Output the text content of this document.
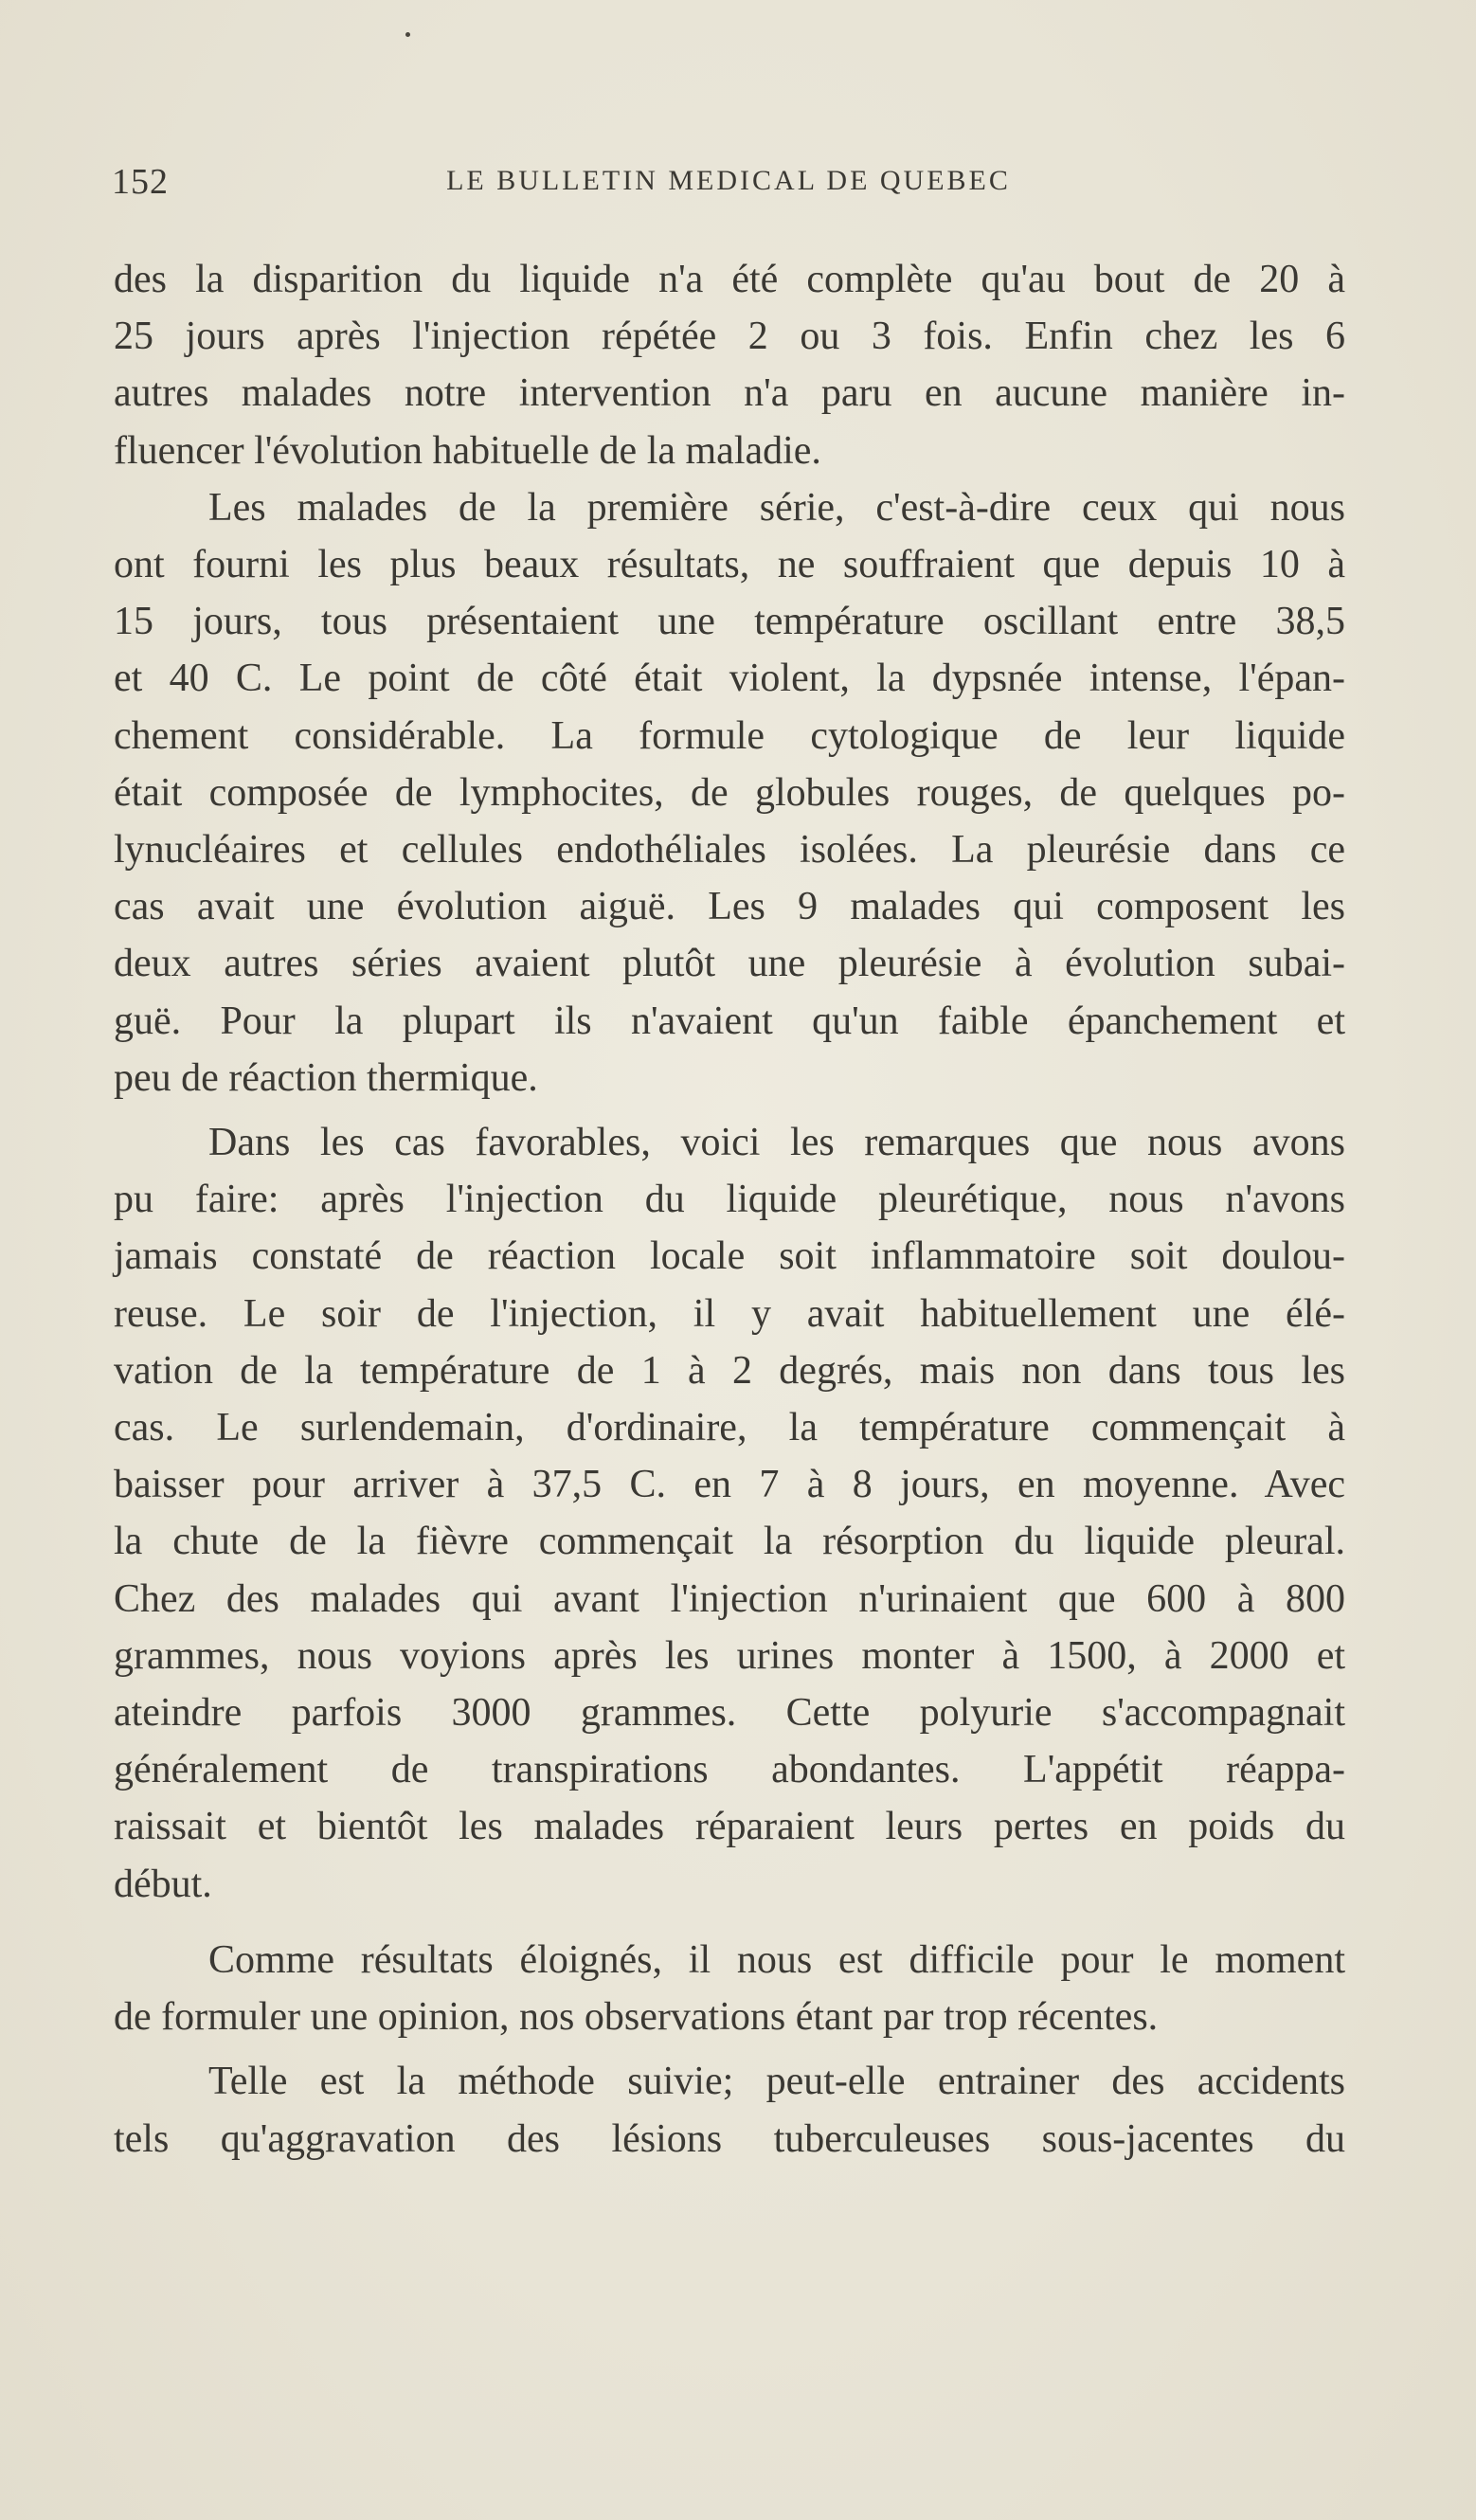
152	LE BULLETIN MEDICAL DE QUEBEC
des la disparition du liquide n'a été complète qu'au bout de 20 à
25 jours après l'injection répétée 2 ou 3 fois. Enfin chez les 6
autres malades notre intervention n'a paru en aucune manière in-
fluencer l'évolution habituelle de la maladie.
Les malades de la première série, c'est-à-dire ceux qui nous
ont fourni les plus beaux résultats, ne souffraient que depuis 10 à
15 jours, tous présentaient une température oscillant entre 38,5
et 40 C. Le point de côté était violent, la dypsnée intense, l'épan-
chement considérable. La formule cytologique de leur liquide
était composée de lymphocites, de globules rouges, de quelques po-
lynucléaires et cellules endothéliales isolées. La pleurésie dans ce
cas avait une évolution aiguë. Les 9 malades qui composent les
deux autres séries avaient plutôt une pleurésie à évolution subai-
guë. Pour la plupart ils n'avaient qu'un faible épanchement et
peu de réaction thermique.
Dans les cas favorables, voici les remarques que nous avons
pu faire: après l'injection du liquide pleurétique, nous n'avons
jamais constaté de réaction locale soit inflammatoire soit doulou-
reuse. Le soir de l'injection, il y avait habituellement une élé-
vation de la température de 1 à 2 degrés, mais non dans tous les
cas. Le surlendemain, d'ordinaire, la température commençait à
baisser pour arriver à 37,5 C. en 7 à 8 jours, en moyenne. Avec
la chute de la fièvre commençait la résorption du liquide pleural.
Chez des malades qui avant l'injection n'urinaient que 600 à 800
grammes, nous voyions après les urines monter à 1500, à 2000 et
ateindre parfois 3000 grammes. Cette polyurie s'accompagnait
généralement de transpirations abondantes. L'appétit réappa-
raissait et bientôt les malades réparaient leurs pertes en poids du
début.
Comme résultats éloignés, il nous est difficile pour le moment
de formuler une opinion, nos observations étant par trop récentes.
Telle est la méthode suivie; peut-elle entrainer des accidents
tels qu'aggravation des lésions tuberculeuses sous-jacentes du
